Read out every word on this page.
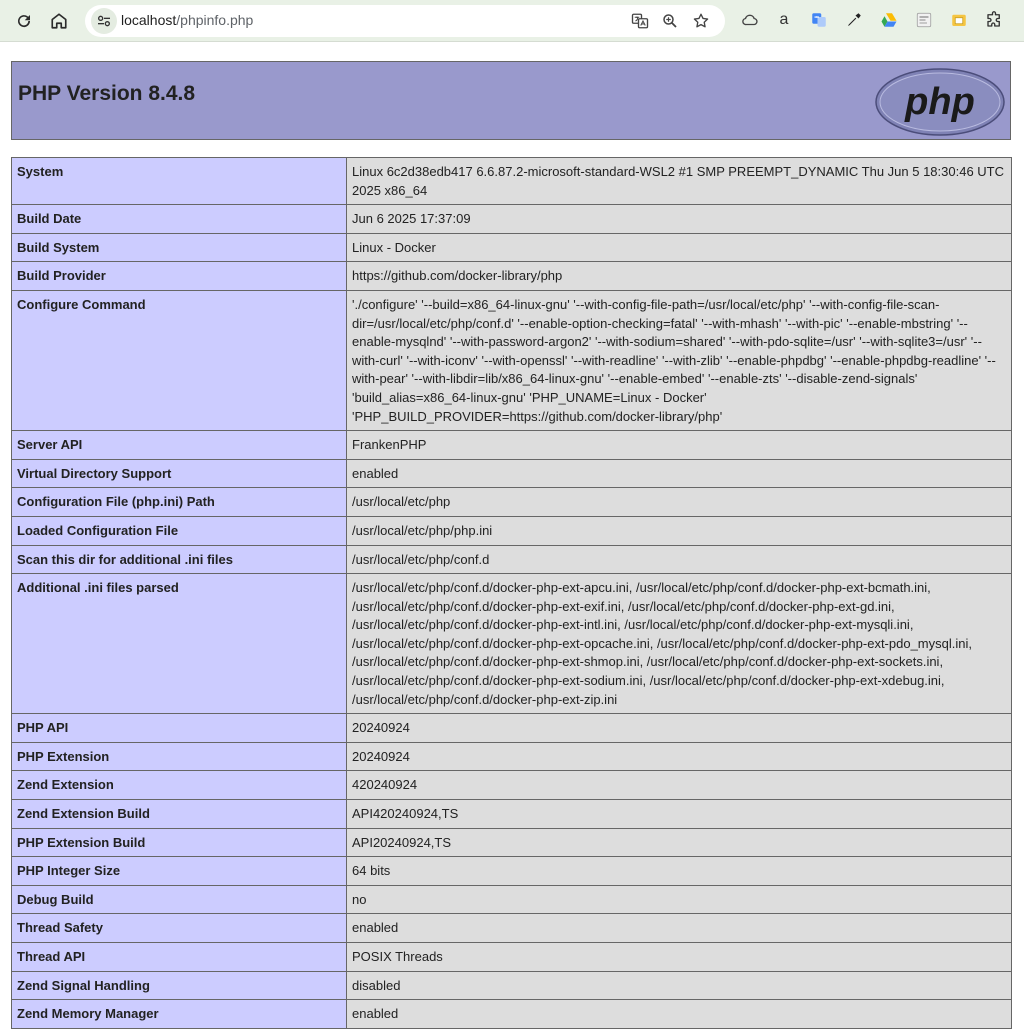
localhost/phpinfo.php	a
PHP Version 8.4.8	php
System	Linux 6c2d38edb417 6.6.87.2-microsoft-standard-WSL2 #1 SMP PREEMPT_DYNAMIC Thu Jun 5 18:30:46 UTC 2025 x86_64
Build Date	Jun 6 2025 17:37:09
Build System	Linux - Docker
Build Provider	https://github.com/docker-library/php
Configure Command	'./configure' '--build=x86_64-linux-gnu' '--with-config-file-path=/usr/local/etc/php' '--with-config-file-scan-dir=/usr/local/etc/php/conf.d' '--enable-option-checking=fatal' '--with-mhash' '--with-pic' '--enable-mbstring' '--enable-mysqlnd' '--with-password-argon2' '--with-sodium=shared' '--with-pdo-sqlite=/usr' '--with-sqlite3=/usr' '--with-curl' '--with-iconv' '--with-openssl' '--with-readline' '--with-zlib' '--enable-phpdbg' '--enable-phpdbg-readline' '--with-pear' '--with-libdir=lib/x86_64-linux-gnu' '--enable-embed' '--enable-zts' '--disable-zend-signals' 'build_alias=x86_64-linux-gnu' 'PHP_UNAME=Linux - Docker' 'PHP_BUILD_PROVIDER=https://github.com/docker-library/php'
Server API	FrankenPHP
Virtual Directory Support	enabled
Configuration File (php.ini) Path	/usr/local/etc/php
Loaded Configuration File	/usr/local/etc/php/php.ini
Scan this dir for additional .ini files	/usr/local/etc/php/conf.d
Additional .ini files parsed	/usr/local/etc/php/conf.d/docker-php-ext-apcu.ini, /usr/local/etc/php/conf.d/docker-php-ext-bcmath.ini, /usr/local/etc/php/conf.d/docker-php-ext-exif.ini, /usr/local/etc/php/conf.d/docker-php-ext-gd.ini, /usr/local/etc/php/conf.d/docker-php-ext-intl.ini, /usr/local/etc/php/conf.d/docker-php-ext-mysqli.ini, /usr/local/etc/php/conf.d/docker-php-ext-opcache.ini, /usr/local/etc/php/conf.d/docker-php-ext-pdo_mysql.ini, /usr/local/etc/php/conf.d/docker-php-ext-shmop.ini, /usr/local/etc/php/conf.d/docker-php-ext-sockets.ini, /usr/local/etc/php/conf.d/docker-php-ext-sodium.ini, /usr/local/etc/php/conf.d/docker-php-ext-xdebug.ini, /usr/local/etc/php/conf.d/docker-php-ext-zip.ini
PHP API	20240924
PHP Extension	20240924
Zend Extension	420240924
Zend Extension Build	API420240924,TS
PHP Extension Build	API20240924,TS
PHP Integer Size	64 bits
Debug Build	no
Thread Safety	enabled
Thread API	POSIX Threads
Zend Signal Handling	disabled
Zend Memory Manager	enabled
